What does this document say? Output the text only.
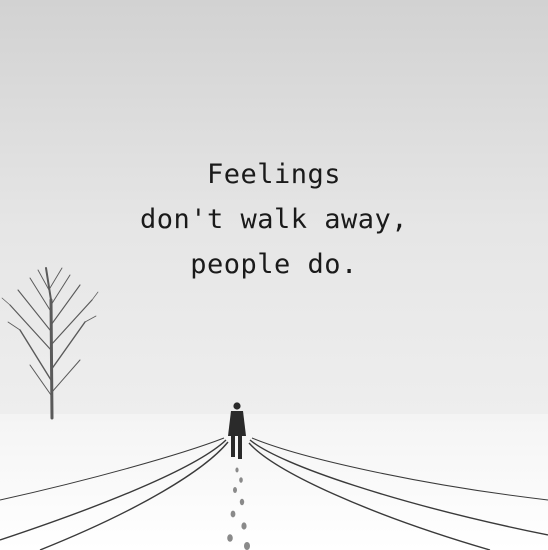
Feelings
don't walk away,
people do.
